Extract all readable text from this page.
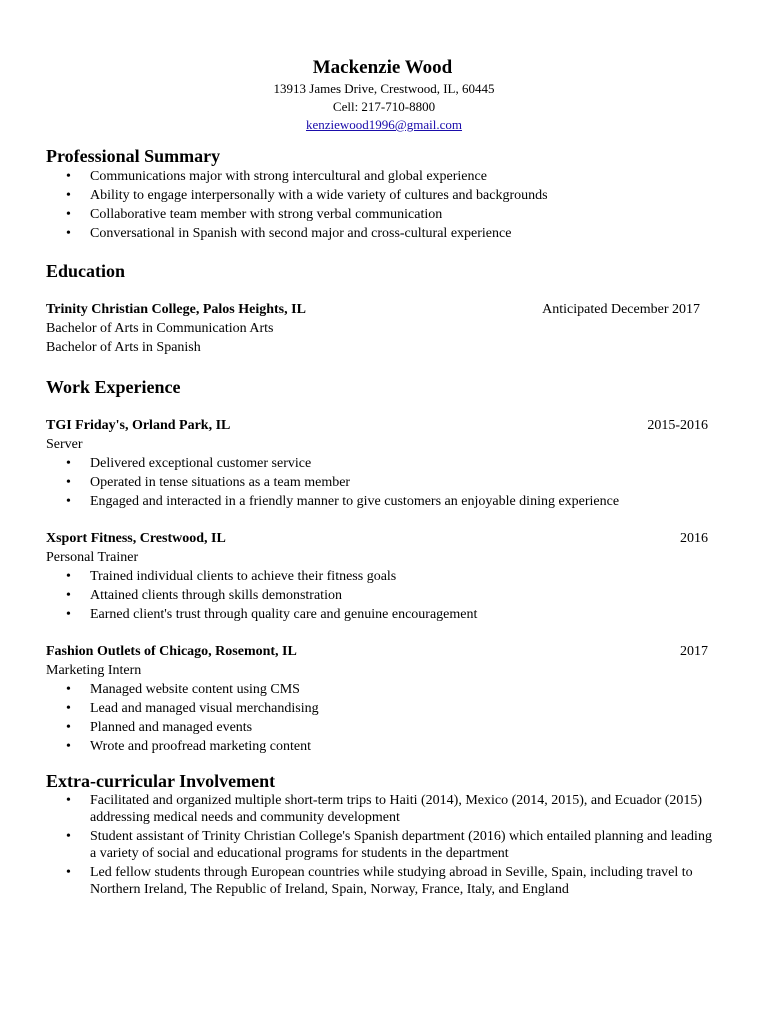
Mackenzie Wood
13913 James Drive, Crestwood, IL, 60445
Cell: 217-710-8800
kenziewood1996@gmail.com
Professional Summary
• Communications major with strong intercultural and global experience
• Ability to engage interpersonally with a wide variety of cultures and backgrounds
• Collaborative team member with strong verbal communication
• Conversational in Spanish with second major and cross-cultural experience
Education
Trinity Christian College, Palos Heights, IL	Anticipated December 2017
Bachelor of Arts in Communication Arts
Bachelor of Arts in Spanish
Work Experience
TGI Friday's, Orland Park, IL	2015-2016
Server
• Delivered exceptional customer service
• Operated in tense situations as a team member
• Engaged and interacted in a friendly manner to give customers an enjoyable dining experience
Xsport Fitness, Crestwood, IL	2016
Personal Trainer
• Trained individual clients to achieve their fitness goals
• Attained clients through skills demonstration
• Earned client's trust through quality care and genuine encouragement
Fashion Outlets of Chicago, Rosemont, IL	2017
Marketing Intern
• Managed website content using CMS
• Lead and managed visual merchandising
• Planned and managed events
• Wrote and proofread marketing content
Extra-curricular Involvement
• Facilitated and organized multiple short-term trips to Haiti (2014), Mexico (2014, 2015), and Ecuador (2015) addressing medical needs and community development
• Student assistant of Trinity Christian College's Spanish department (2016) which entailed planning and leading a variety of social and educational programs for students in the department
• Led fellow students through European countries while studying abroad in Seville, Spain, including travel to Northern Ireland, The Republic of Ireland, Spain, Norway, France, Italy, and England
